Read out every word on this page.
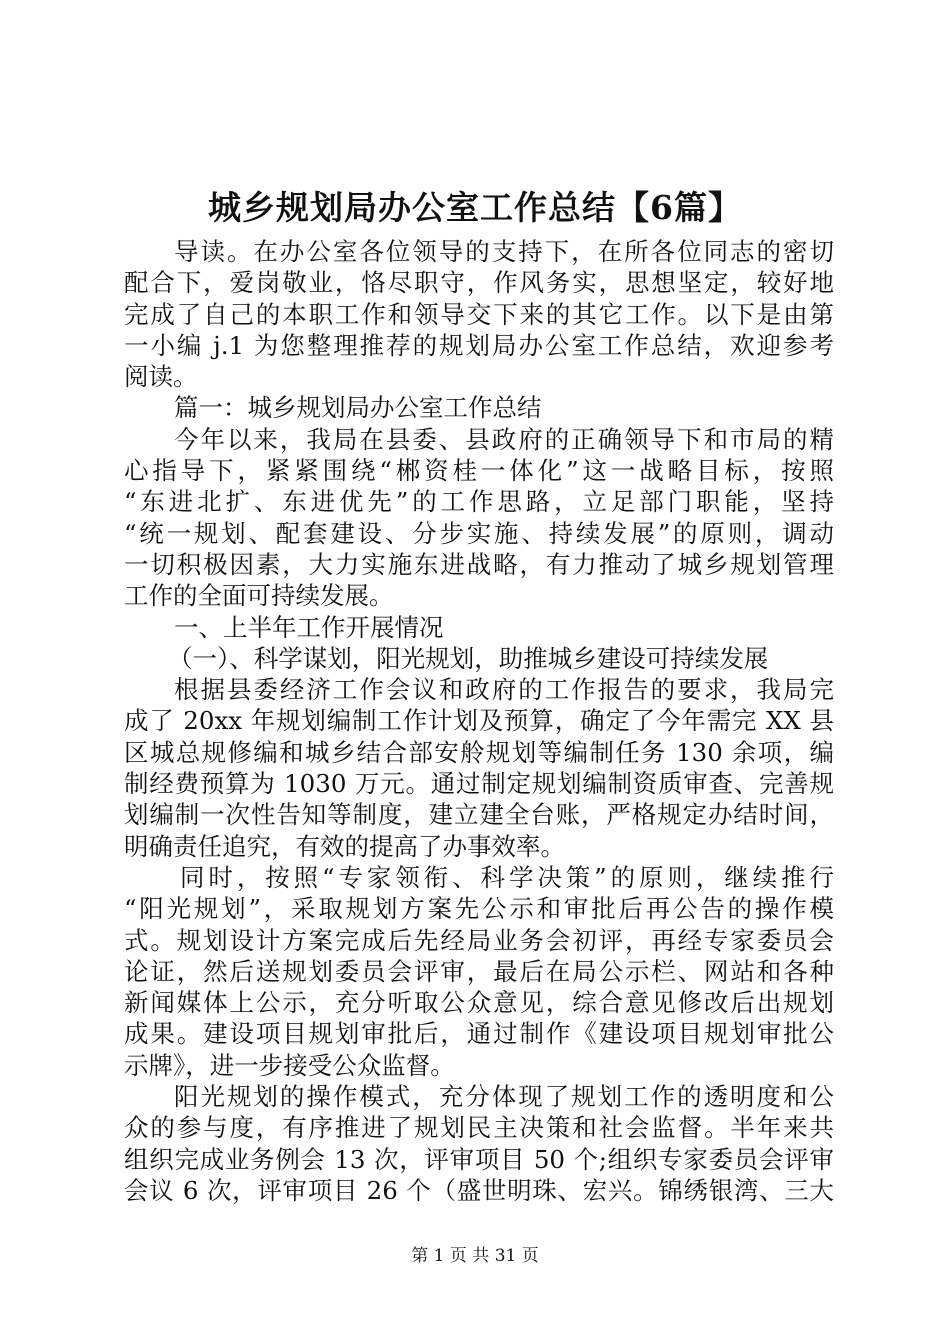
城乡规划局办公室工作总结【6篇】
导读。在办公室各位领导的支持下，在所各位同志的密切
配合下，爱岗敬业，恪尽职守，作风务实，思想坚定，较好地
完成了自己的本职工作和领导交下来的其它工作。以下是由第
一小编 j.1 为您整理推荐的规划局办公室工作总结，欢迎参考
阅读。
篇一：城乡规划局办公室工作总结
今年以来，我局在县委、县政府的正确领导下和市局的精
心指导下，紧紧围绕“郴资桂一体化”这一战略目标，按照
“东进北扩、东进优先”的工作思路，立足部门职能，坚持
“统一规划、配套建设、分步实施、持续发展”的原则，调动
一切积极因素，大力实施东进战略，有力推动了城乡规划管理
工作的全面可持续发展。
一、上半年工作开展情况
（一）、科学谋划，阳光规划，助推城乡建设可持续发展
根据县委经济工作会议和政府的工作报告的要求，我局完
成了 20xx 年规划编制工作计划及预算，确定了今年需完 XX 县
区城总规修编和城乡结合部安舲规划等编制任务 130 余项，编
制经费预算为 1030 万元。通过制定规划编制资质审查、完善规
划编制一次性告知等制度，建立建全台账，严格规定办结时间，
明确责任追究，有效的提高了办事效率。
同时，按照“专家领衔、科学决策”的原则，继续推行
“阳光规划”，采取规划方案先公示和审批后再公告的操作模
式。规划设计方案完成后先经局业务会初评，再经专家委员会
论证，然后送规划委员会评审，最后在局公示栏、网站和各种
新闻媒体上公示，充分听取公众意见，综合意见修改后出规划
成果。建设项目规划审批后，通过制作《建设项目规划审批公
示牌》，进一步接受公众监督。
阳光规划的操作模式，充分体现了规划工作的透明度和公
众的参与度，有序推进了规划民主决策和社会监督。半年来共
组织完成业务例会 13 次，评审项目 50 个;组织专家委员会评审
会议 6 次，评审项目 26 个（盛世明珠、宏兴。锦绣银湾、三大
第 1 页 共 31 页
